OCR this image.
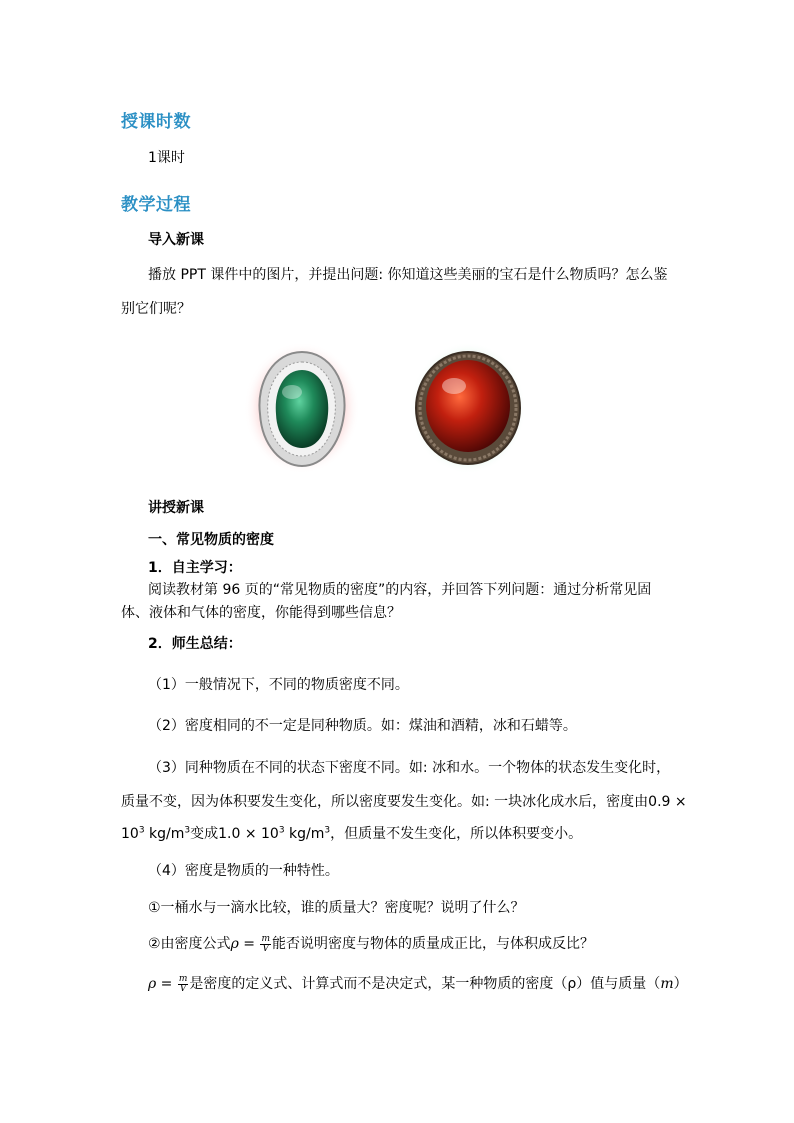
授课时数
1课时
教学过程
导入新课
播放 PPT 课件中的图片，并提出问题: 你知道这些美丽的宝石是什么物质吗？怎么鉴
别它们呢？
讲授新课
一、常见物质的密度
1．自主学习：
阅读教材第 96 页的“常见物质的密度”的内容，并回答下列问题：通过分析常见固
体、液体和气体的密度，你能得到哪些信息？
2．师生总结：
（1）一般情况下，不同的物质密度不同。
（2）密度相同的不一定是同种物质。如：煤油和酒精，冰和石蜡等。
（3）同种物质在不同的状态下密度不同。如: 冰和水。一个物体的状态发生变化时，
质量不变，因为体积要发生变化，所以密度要发生变化。如: 一块冰化成水后，密度由0.9 ×
$10^3$ $kg/m^3$变成$1.0 \times 10^3$ $kg/m^3$，但质量不发生变化，所以体积要变小。
（4）密度是物质的一种特性。
①一桶水与一滴水比较，谁的质量大？密度呢？说明了什么？
②由密度公式$\rho = \frac{m}{V}$ 能否说明密度与物体的质量成正比，与体积成反比？
$\rho = \frac{m}{V}$ 是密度的定义式、计算式而不是决定式，某一种物质的密度（ρ）值与质量（m）
